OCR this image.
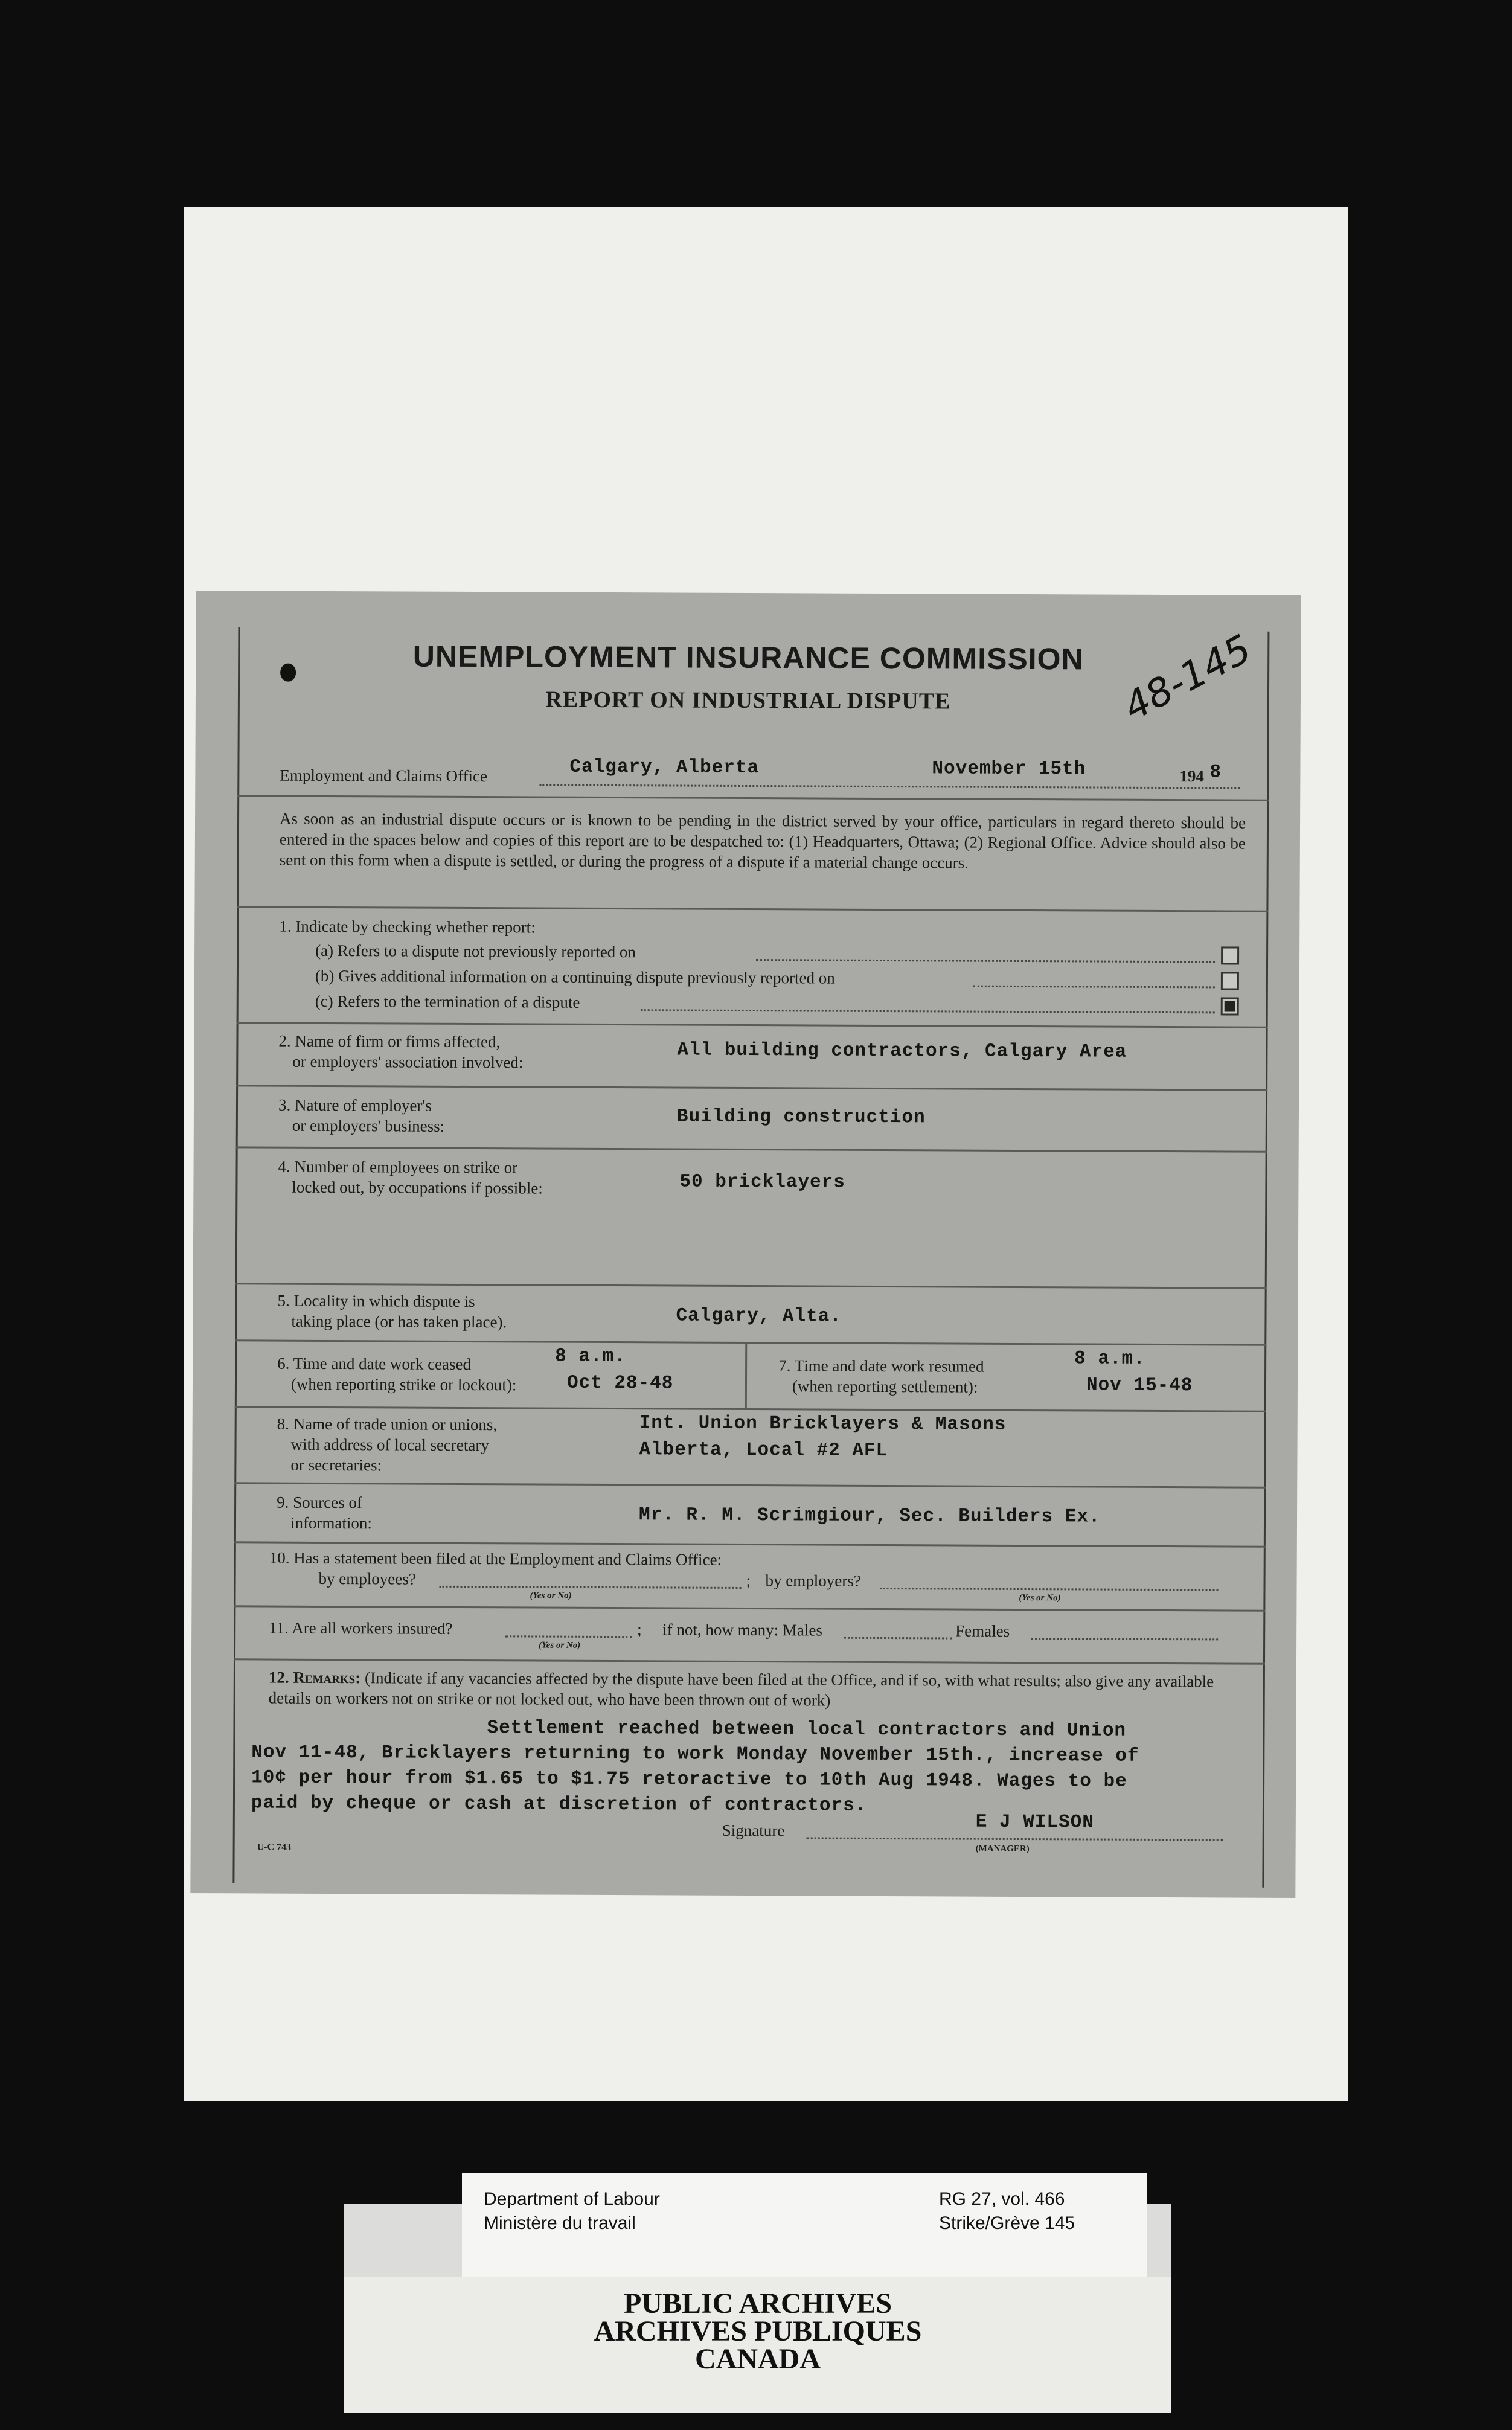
UNEMPLOYMENT INSURANCE COMMISSION
REPORT ON INDUSTRIAL DISPUTE	48-145
Employment and Claims Office	Calgary, Alberta	November 15th	194 8
As soon as an industrial dispute occurs or is known to be pending in the district served by your office, particulars in regard thereto should be entered in the spaces below and copies of this report are to be despatched to: (1) Headquarters, Ottawa; (2) Regional Office. Advice should also be sent on this form when a dispute is settled, or during the progress of a dispute if a material change occurs.
1. Indicate by checking whether report:
(a) Refers to a dispute not previously reported on
(b) Gives additional information on a continuing dispute previously reported on
(c) Refers to the termination of a dispute
2. Name of firm or firms affected,
or employers' association involved:	All building contractors, Calgary Area
3. Nature of employer's
or employers' business:	Building construction
4. Number of employees on strike or
locked out, by occupations if possible:	50 bricklayers
5. Locality in which dispute is
taking place (or has taken place).	Calgary, Alta.
6. Time and date work ceased
(when reporting strike or lockout):
8 a.m.
Oct 28-48
7. Time and date work resumed
(when reporting settlement):
8 a.m.
Nov 15-48
8. Name of trade union or unions,
with address of local secretary
or secretaries:
Int. Union Bricklayers & Masons
Alberta, Local #2 AFL
9. Sources of
information:	Mr. R. M. Scrimgiour, Sec. Builders Ex.
10. Has a statement been filed at the Employment and Claims Office:
by employees?
(Yes or No)
; by employers?
(Yes or No)
11. Are all workers insured?
(Yes or No)
; if not, how many: Males	Females
12. Remarks: (Indicate if any vacancies affected by the dispute have been filed at the Office, and if so, with what results; also give any available details on workers not on strike or not locked out, who have been thrown out of work)
Settlement reached between local contractors and Union
Nov 11-48, Bricklayers returning to work Monday November 15th., increase of
10¢ per hour from $1.65 to $1.75 retoractive to 10th Aug 1948. Wages to be
paid by cheque or cash at discretion of contractors.
Signature	E J WILSON
(MANAGER)
U-C 743
Department of Labour
Ministère du travail
RG 27, vol. 466
Strike/Grève 145
PUBLIC ARCHIVES
ARCHIVES PUBLIQUES
CANADA
